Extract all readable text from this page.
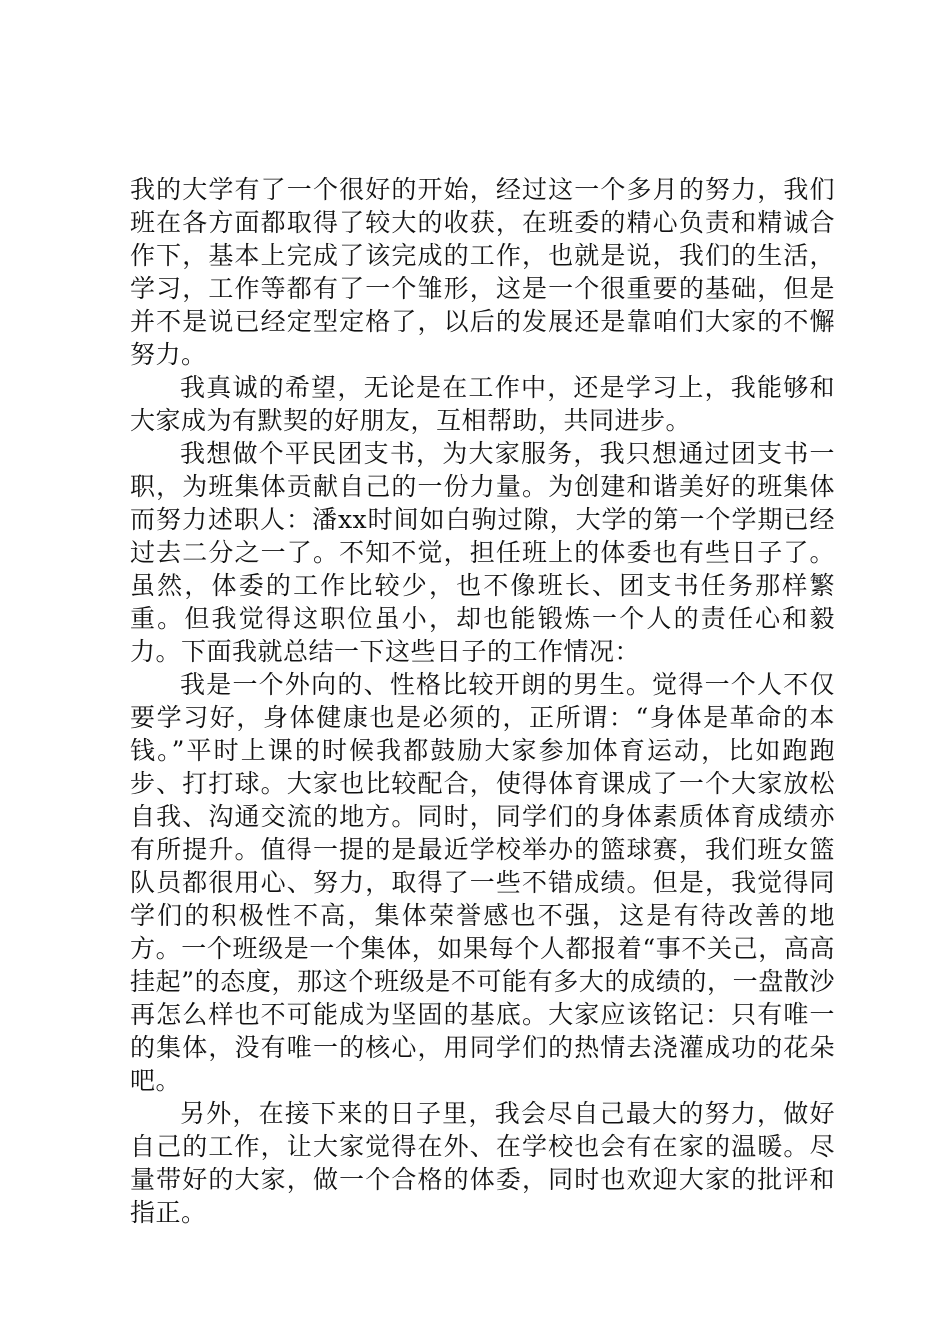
我的大学有了一个很好的开始，经过这一个多月的努力，我们班在各方面都取得了较大的收获，在班委的精心负责和精诚合作下，基本上完成了该完成的工作，也就是说，我们的生活，学习，工作等都有了一个雏形，这是一个很重要的基础，但是并不是说已经定型定格了，以后的发展还是靠咱们大家的不懈努力。

我真诚的希望，无论是在工作中，还是学习上，我能够和大家成为有默契的好朋友，互相帮助，共同进步。

我想做个平民团支书，为大家服务，我只想通过团支书一职，为班集体贡献自己的一份力量。为创建和谐美好的班集体而努力述职人：潘xx时间如白驹过隙，大学的第一个学期已经过去二分之一了。不知不觉，担任班上的体委也有些日子了。虽然，体委的工作比较少，也不像班长、团支书任务那样繁重。但我觉得这职位虽小，却也能锻炼一个人的责任心和毅力。下面我就总结一下这些日子的工作情况：

我是一个外向的、性格比较开朗的男生。觉得一个人不仅要学习好，身体健康也是必须的，正所谓：“身体是革命的本钱。”平时上课的时候我都鼓励大家参加体育运动，比如跑跑步、打打球。大家也比较配合，使得体育课成了一个大家放松自我、沟通交流的地方。同时，同学们的身体素质体育成绩亦有所提升。值得一提的是最近学校举办的篮球赛，我们班女篮队员都很用心、努力，取得了一些不错成绩。但是，我觉得同学们的积极性不高，集体荣誉感也不强，这是有待改善的地方。一个班级是一个集体，如果每个人都报着“事不关己，高高挂起”的态度，那这个班级是不可能有多大的成绩的，一盘散沙再怎么样也不可能成为坚固的基底。大家应该铭记：只有唯一的集体，没有唯一的核心，用同学们的热情去浇灌成功的花朵吧。

另外，在接下来的日子里，我会尽自己最大的努力，做好自己的工作，让大家觉得在外、在学校也会有在家的温暖。尽量带好的大家，做一个合格的体委，同时也欢迎大家的批评和指正。
